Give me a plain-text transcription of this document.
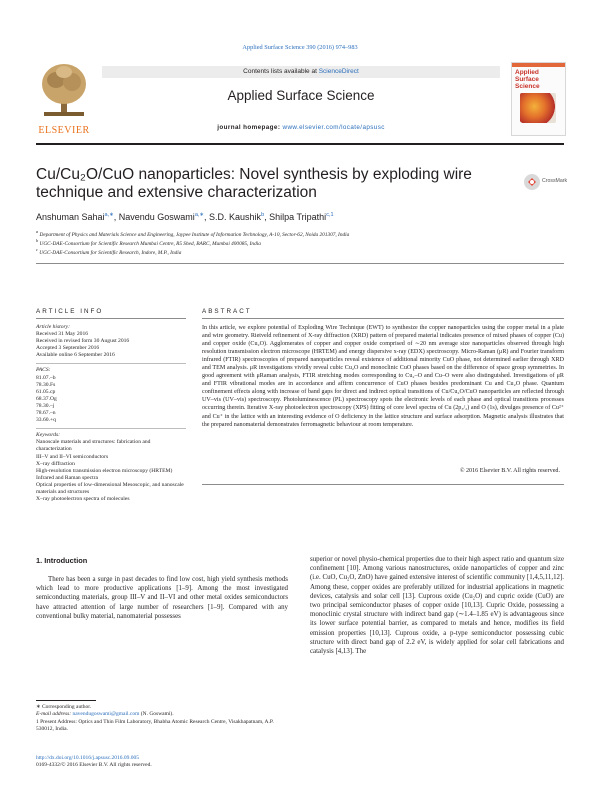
Applied Surface Science 390 (2016) 974–983
ELSEVIER
Contents lists available at ScienceDirect
Applied Surface Science
journal homepage: www.elsevier.com/locate/apsusc
Applied Surface Science
Cu/Cu₂O/CuO nanoparticles: Novel synthesis by exploding wire technique and extensive characterization
CrossMark
Anshuman Sahai$^{a,∗}$, Navendu Goswami$^{a,∗}$, S.D. Kaushik$^b$, Shilpa Tripathi$^{c,1}$
$^a$ Department of Physics and Materials Science and Engineering, Jaypee Institute of Information Technology, A-10, Sector-62, Noida 201307, India
$^b$ UGC-DAE-Consortium for Scientific Research Mumbai Centre, R5 Shed, BARC, Mumbai 400085, India
$^c$ UGC-DAE-Consortium for Scientific Research, Indore, M.P., India
ARTICLE INFO	ABSTRACT
Article history:
Received 31 May 2016
Received in revised form 30 August 2016
Accepted 3 September 2016
Available online 6 September 2016
PACS:
81.07.–b
78.30.Fs
61.05.cp
68.37.Og
78.30.–j
78.67.–n
33.60.+q
Keywords:
Nanoscale materials and structures: fabrication and characterization
III–V and II–VI semiconductors
X–ray diffraction
High-resolution transmission electron microscopy (HRTEM)
Infrared and Raman spectra
Optical properties of low-dimensional Mesoscopic, and nanoscale materials and structures
X–ray photoelectron spectra of molecules
In this article, we explore potential of Exploding Wire Technique (EWT) to synthesize the copper nanoparticles using the copper metal in a plate and wire geometry. Rietveld refinement of X-ray diffraction (XRD) pattern of prepared material indicates presence of mixed phases of copper (Cu) and copper oxide (Cu₂O). Agglomerates of copper and copper oxide comprised of ∼20 nm average size nanoparticles observed through high resolution transmission electron microscope (HRTEM) and energy dispersive x-ray (EDX) spectroscopy. Micro-Raman (μR) and Fourier transform infrared (FTIR) spectroscopies of prepared nanoparticles reveal existence of additional minority CuO phase, not determined earlier through XRD and TEM analysis. μR investigations vividly reveal cubic Cu₂O and monoclinic CuO phases based on the difference of space group symmetries. In good agreement with μRaman analysis, FTIR stretching modes corresponding to Cu₂–O and Cu–O were also distinguished. Investigations of μR and FTIR vibrational modes are in accordance and affirm concurrence of CuO phases besides predominant Cu and Cu₂O phase. Quantum confinement effects along with increase of band gaps for direct and indirect optical transitions of Cu/Cu₂O/CuO nanoparticles are reflected through UV–vis (UV–vis) spectroscopy. Photoluminescence (PL) spectroscopy spots the electronic levels of each phase and optical transitions processes occurring therein. Iterative X-ray photoelectron spectroscopy (XPS) fitting of core level spectra of Cu (2p₃/₂) and O (1s), divulges presence of Cu²⁺ and Cu⁺ in the lattice with an interesting evidence of O deficiency in the lattice structure and surface adsorption. Magnetic analysis illustrates that the prepared nanomaterial demonstrates ferromagnetic behaviour at room temperature.
© 2016 Elsevier B.V. All rights reserved.
1. Introduction
There has been a surge in past decades to find low cost, high yield synthesis methods which lead to more productive applications [1–9]. Among the most investigated semiconducting materials, group III–V and II–VI and other metal oxides semiconductors have attracted attention of large number of researchers [1–9]. Compared with any conventional bulky material, nanomaterial possesses
superior or novel physio-chemical properties due to their high aspect ratio and quantum size confinement [10]. Among various nanostructures, oxide nanoparticles of copper and zinc (i.e. CuO, Cu₂O, ZnO) have gained extensive interest of scientific community [1,4,5,11,12]. Among these, copper oxides are preferably utilized for industrial applications in magnetic devices, catalysis and solar cell [13]. Cuprous oxide (Cu₂O) and cupric oxide (CuO) are two principal semiconductor phases of copper oxide [10,13]. Cupric Oxide, possessing a monoclinic crystal structure with indirect band gap (∼1.4–1.85 eV) is advantageous since its lower surface potential barrier, as compared to metals and hence, modifies its field emission properties [10,13]. Cuprous oxide, a p-type semiconductor possessing cubic structure with direct band gap of 2.2 eV, is widely applied for solar cell fabrications and catalysis [4,13]. The
∗ Corresponding author.
E-mail address: navendugoswami@gmail.com (N. Goswami).
1 Present Address: Optics and Thin Film Laboratory, Bhabha Atomic Research Centre, Visakhapatnam, A.P. 530012, India.
http://dx.doi.org/10.1016/j.apsusc.2016.09.005
0169-4332/© 2016 Elsevier B.V. All rights reserved.
